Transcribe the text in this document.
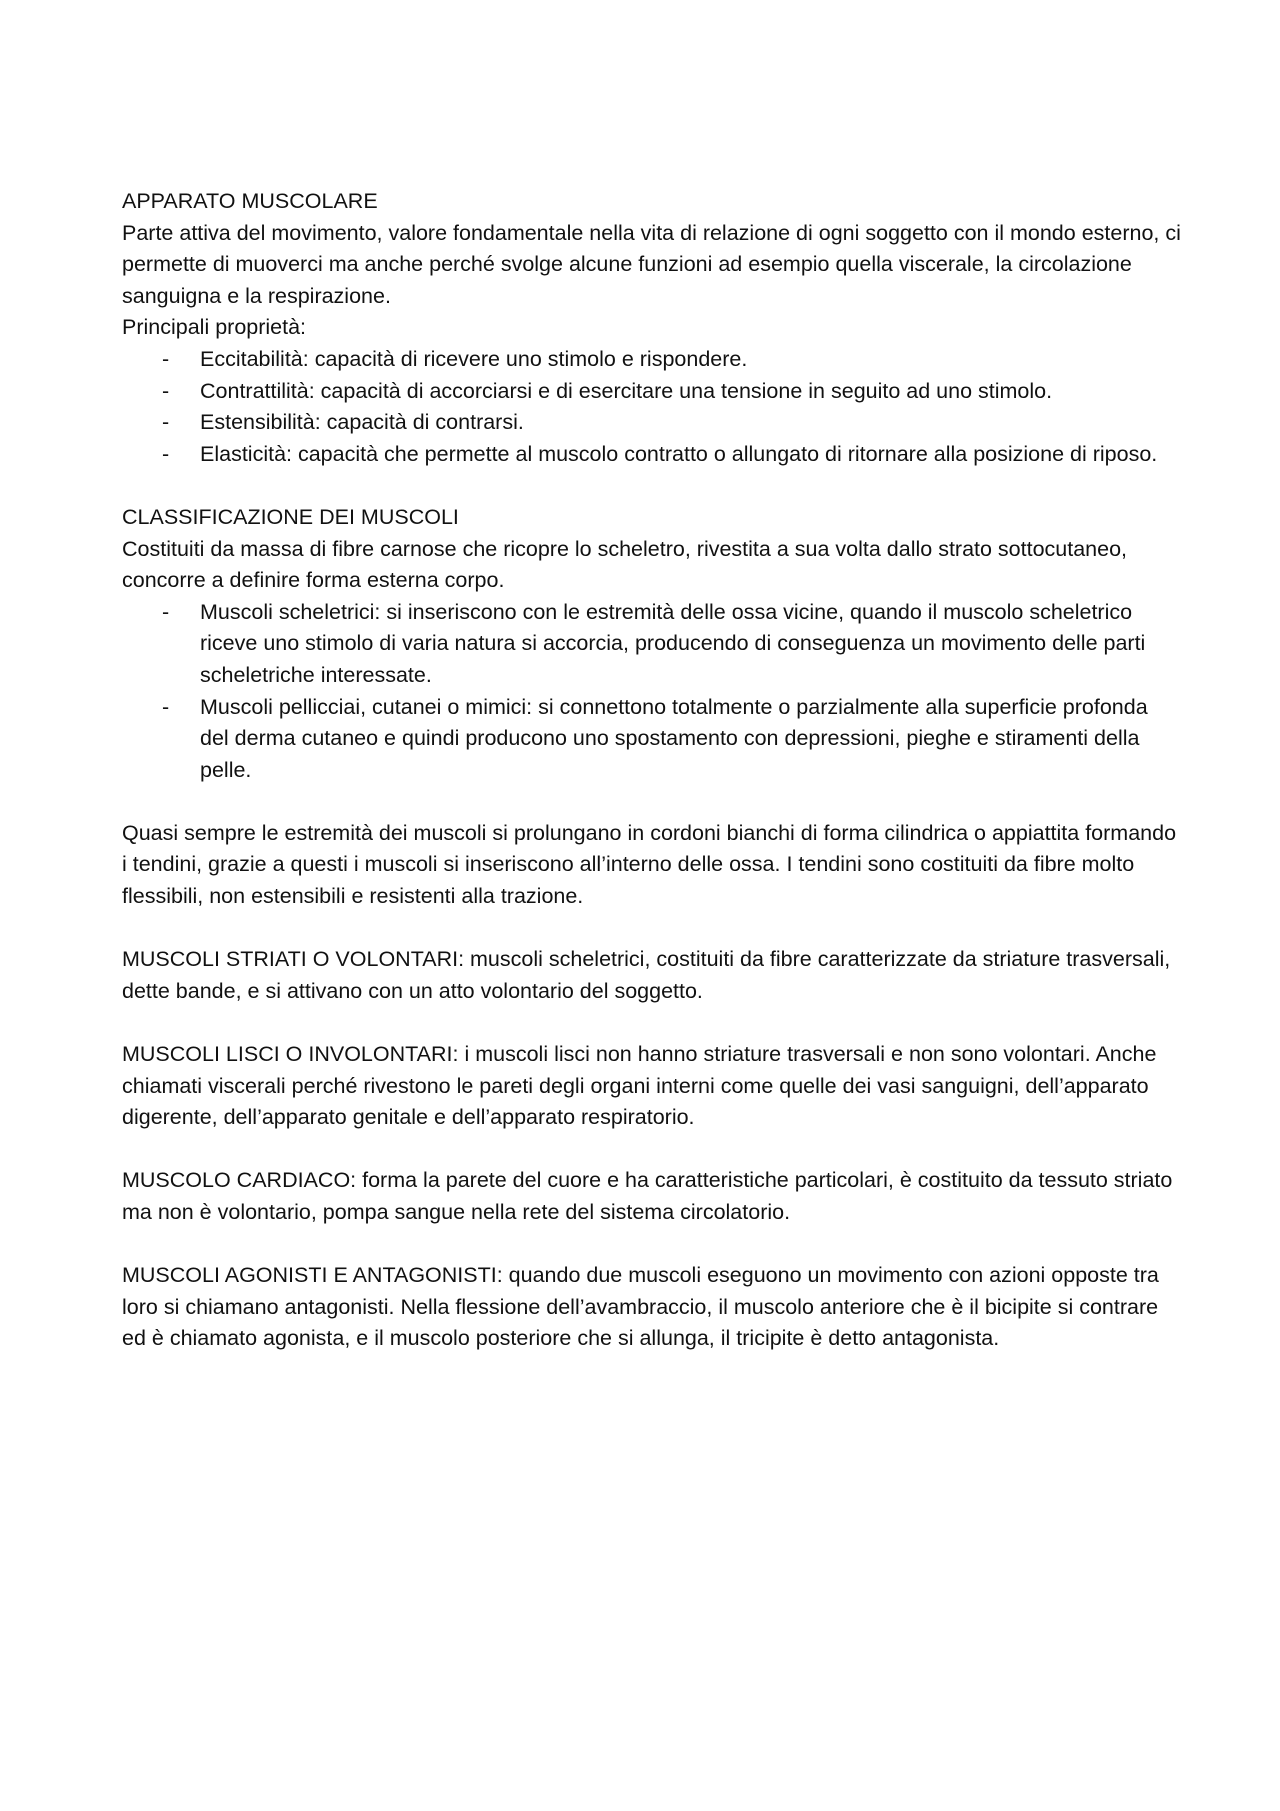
APPARATO MUSCOLARE

Parte attiva del movimento, valore fondamentale nella vita di relazione di ogni soggetto con il mondo esterno, ci permette di muoverci ma anche perché svolge alcune funzioni ad esempio quella viscerale, la circolazione sanguigna e la respirazione.

Principali proprietà:

- Eccitabilità: capacità di ricevere uno stimolo e rispondere.
- Contrattilità: capacità di accorciarsi e di esercitare una tensione in seguito ad uno stimolo.
- Estensibilità: capacità di contrarsi.
- Elasticità: capacità che permette al muscolo contratto o allungato di ritornare alla posizione di riposo.

CLASSIFICAZIONE DEI MUSCOLI

Costituiti da massa di fibre carnose che ricopre lo scheletro, rivestita a sua volta dallo strato sottocutaneo, concorre a definire forma esterna corpo.

- Muscoli scheletrici: si inseriscono con le estremità delle ossa vicine, quando il muscolo scheletrico riceve uno stimolo di varia natura si accorcia, producendo di conseguenza un movimento delle parti scheletriche interessate.
- Muscoli pellicciai, cutanei o mimici: si connettono totalmente o parzialmente alla superficie profonda del derma cutaneo e quindi producono uno spostamento con depressioni, pieghe e stiramenti della pelle.

Quasi sempre le estremità dei muscoli si prolungano in cordoni bianchi di forma cilindrica o appiattita formando i tendini, grazie a questi i muscoli si inseriscono all’interno delle ossa. I tendini sono costituiti da fibre molto flessibili, non estensibili e resistenti alla trazione.

MUSCOLI STRIATI O VOLONTARI: muscoli scheletrici, costituiti da fibre caratterizzate da striature trasversali, dette bande, e si attivano con un atto volontario del soggetto.

MUSCOLI LISCI O INVOLONTARI: i muscoli lisci non hanno striature trasversali e non sono volontari. Anche chiamati viscerali perché rivestono le pareti degli organi interni come quelle dei vasi sanguigni, dell’apparato digerente, dell’apparato genitale e dell’apparato respiratorio.

MUSCOLO CARDIACO: forma la parete del cuore e ha caratteristiche particolari, è costituito da tessuto striato ma non è volontario, pompa sangue nella rete del sistema circolatorio.

MUSCOLI AGONISTI E ANTAGONISTI: quando due muscoli eseguono un movimento con azioni opposte tra loro si chiamano antagonisti. Nella flessione dell’avambraccio, il muscolo anteriore che è il bicipite si contrare ed è chiamato agonista, e il muscolo posteriore che si allunga, il tricipite è detto antagonista.
